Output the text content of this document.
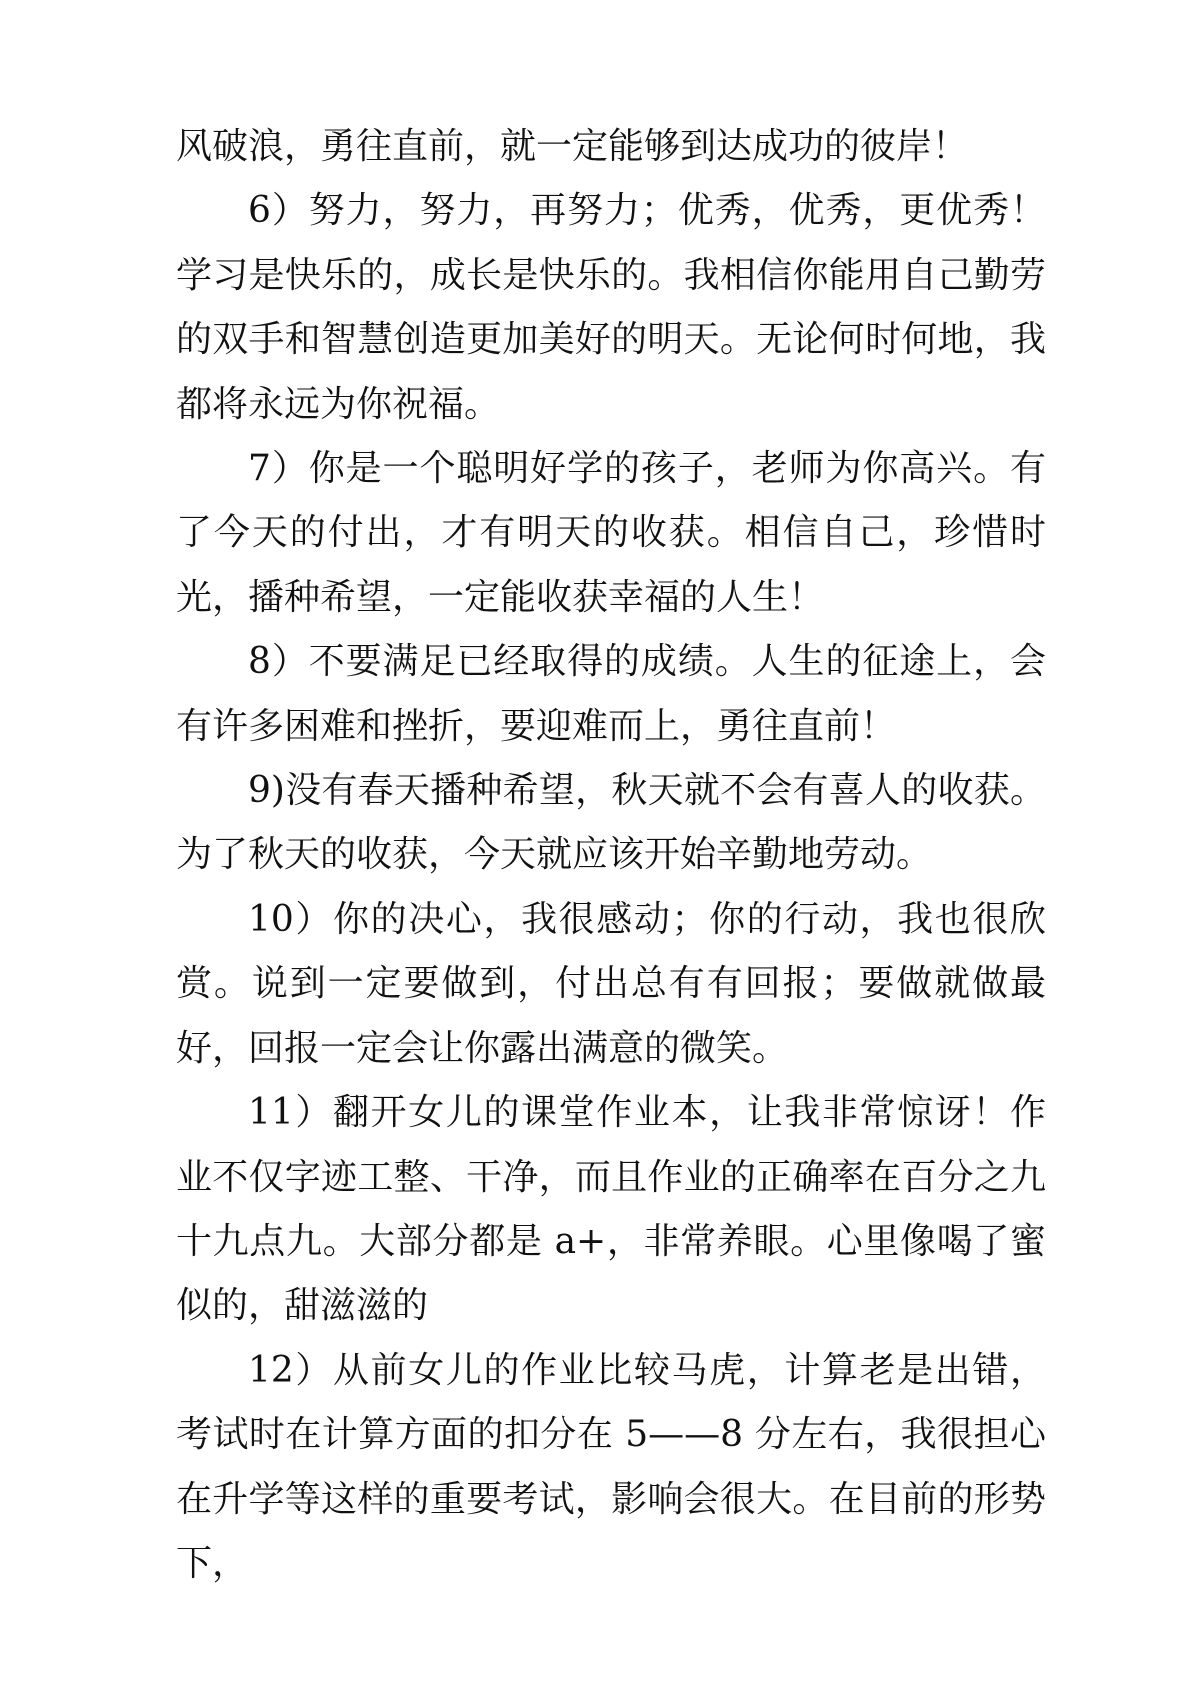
风破浪，勇往直前，就一定能够到达成功的彼岸！

6）努力，努力，再努力；优秀，优秀，更优秀！学习是快乐的，成长是快乐的。我相信你能用自己勤劳的双手和智慧创造更加美好的明天。无论何时何地，我都将永远为你祝福。

7）你是一个聪明好学的孩子，老师为你高兴。有了今天的付出，才有明天的收获。相信自己，珍惜时光，播种希望，一定能收获幸福的人生！

8）不要满足已经取得的成绩。人生的征途上，会有许多困难和挫折，要迎难而上，勇往直前！

9)没有春天播种希望，秋天就不会有喜人的收获。为了秋天的收获，今天就应该开始辛勤地劳动。

10）你的决心，我很感动；你的行动，我也很欣赏。说到一定要做到，付出总有有回报；要做就做最好，回报一定会让你露出满意的微笑。

11）翻开女儿的课堂作业本，让我非常惊讶！作业不仅字迹工整、干净，而且作业的正确率在百分之九十九点九。大部分都是 a+，非常养眼。心里像喝了蜜似的，甜滋滋的

12）从前女儿的作业比较马虎，计算老是出错，考试时在计算方面的扣分在 5——8 分左右，我很担心在升学等这样的重要考试，影响会很大。在目前的形势下，
